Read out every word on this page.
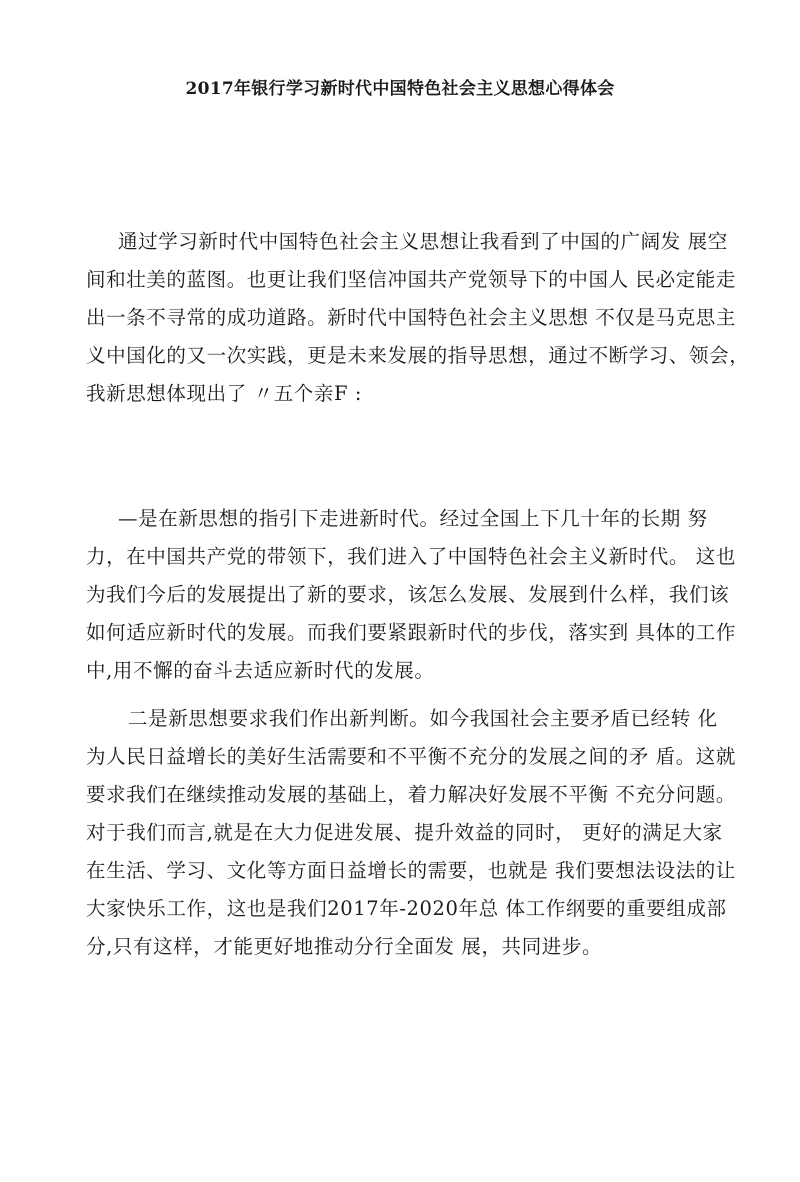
2017年银行学习新时代中国特色社会主义思想心得体会
通过学习新时代中国特色社会主义思想让我看到了中国的广阔发 展空
间和壮美的蓝图。也更让我们坚信冲国共产党领导下的中国人 民必定能走
出一条不寻常的成功道路。新时代中国特色社会主义思想 不仅是马克思主
义中国化的又一次实践，更是未来发展的指导思想，通过不断学习、领会，
我新思想体现出了 〃五个亲F :
—是在新思想的指引下走进新时代。经过全国上下几十年的长期 努
力，在中国共产党的带领下，我们进入了中国特色社会主义新时代。 这也
为我们今后的发展提出了新的要求，该怎么发展、发展到什么样，我们该
如何适应新时代的发展。而我们要紧跟新时代的步伐，落实到 具体的工作
中,用不懈的奋斗去适应新时代的发展。
二是新思想要求我们作出新判断。如今我国社会主要矛盾已经转 化
为人民日益增长的美好生活需要和不平衡不充分的发展之间的矛 盾。这就
要求我们在继续推动发展的基础上，着力解决好发展不平衡 不充分问题。
对于我们而言,就是在大力促进发展、提升效益的同时， 更好的满足大家
在生活、学习、文化等方面日益增长的需要，也就是 我们要想法设法的让
大家快乐工作，这也是我们2017年-2020年总 体工作纲要的重要组成部
分,只有这样，才能更好地推动分行全面发 展，共同进步。
